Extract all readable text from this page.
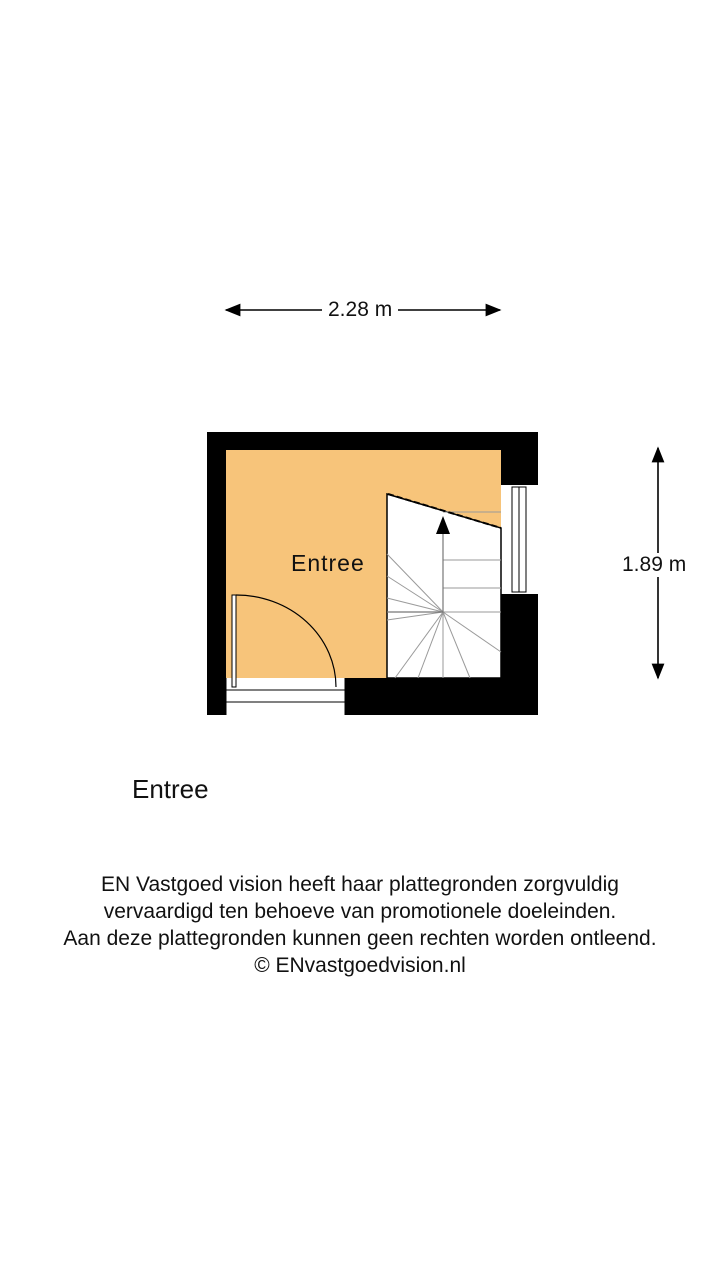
2.28 m
1.89 m
Entree
Entree
EN Vastgoed vision heeft haar plattegronden zorgvuldig
vervaardigd ten behoeve van promotionele doeleinden.
Aan deze plattegronden kunnen geen rechten worden ontleend.
© ENvastgoedvision.nl
